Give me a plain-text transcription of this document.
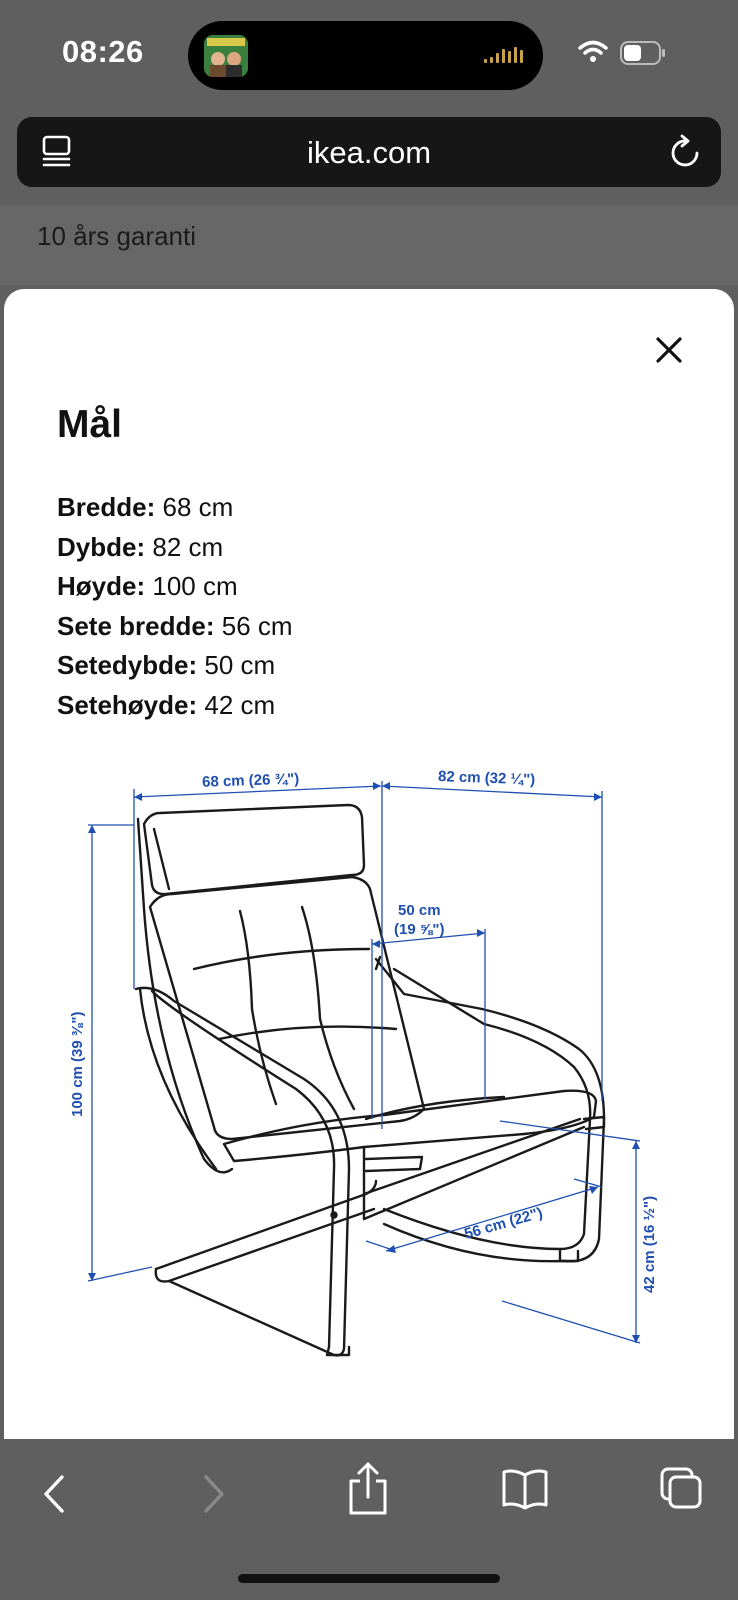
08:26
ikea.com
10 års garanti
Mål
Bredde: 68 cm
Dybde: 82 cm
Høyde: 100 cm
Sete bredde: 56 cm
Setedybde: 50 cm
Setehøyde: 42 cm
68 cm (26 ¾")	82 cm (32 ¼")
50 cm
(19 ⅝")
100 cm (39 ⅜")
56 cm (22")	42 cm (16 ½")
